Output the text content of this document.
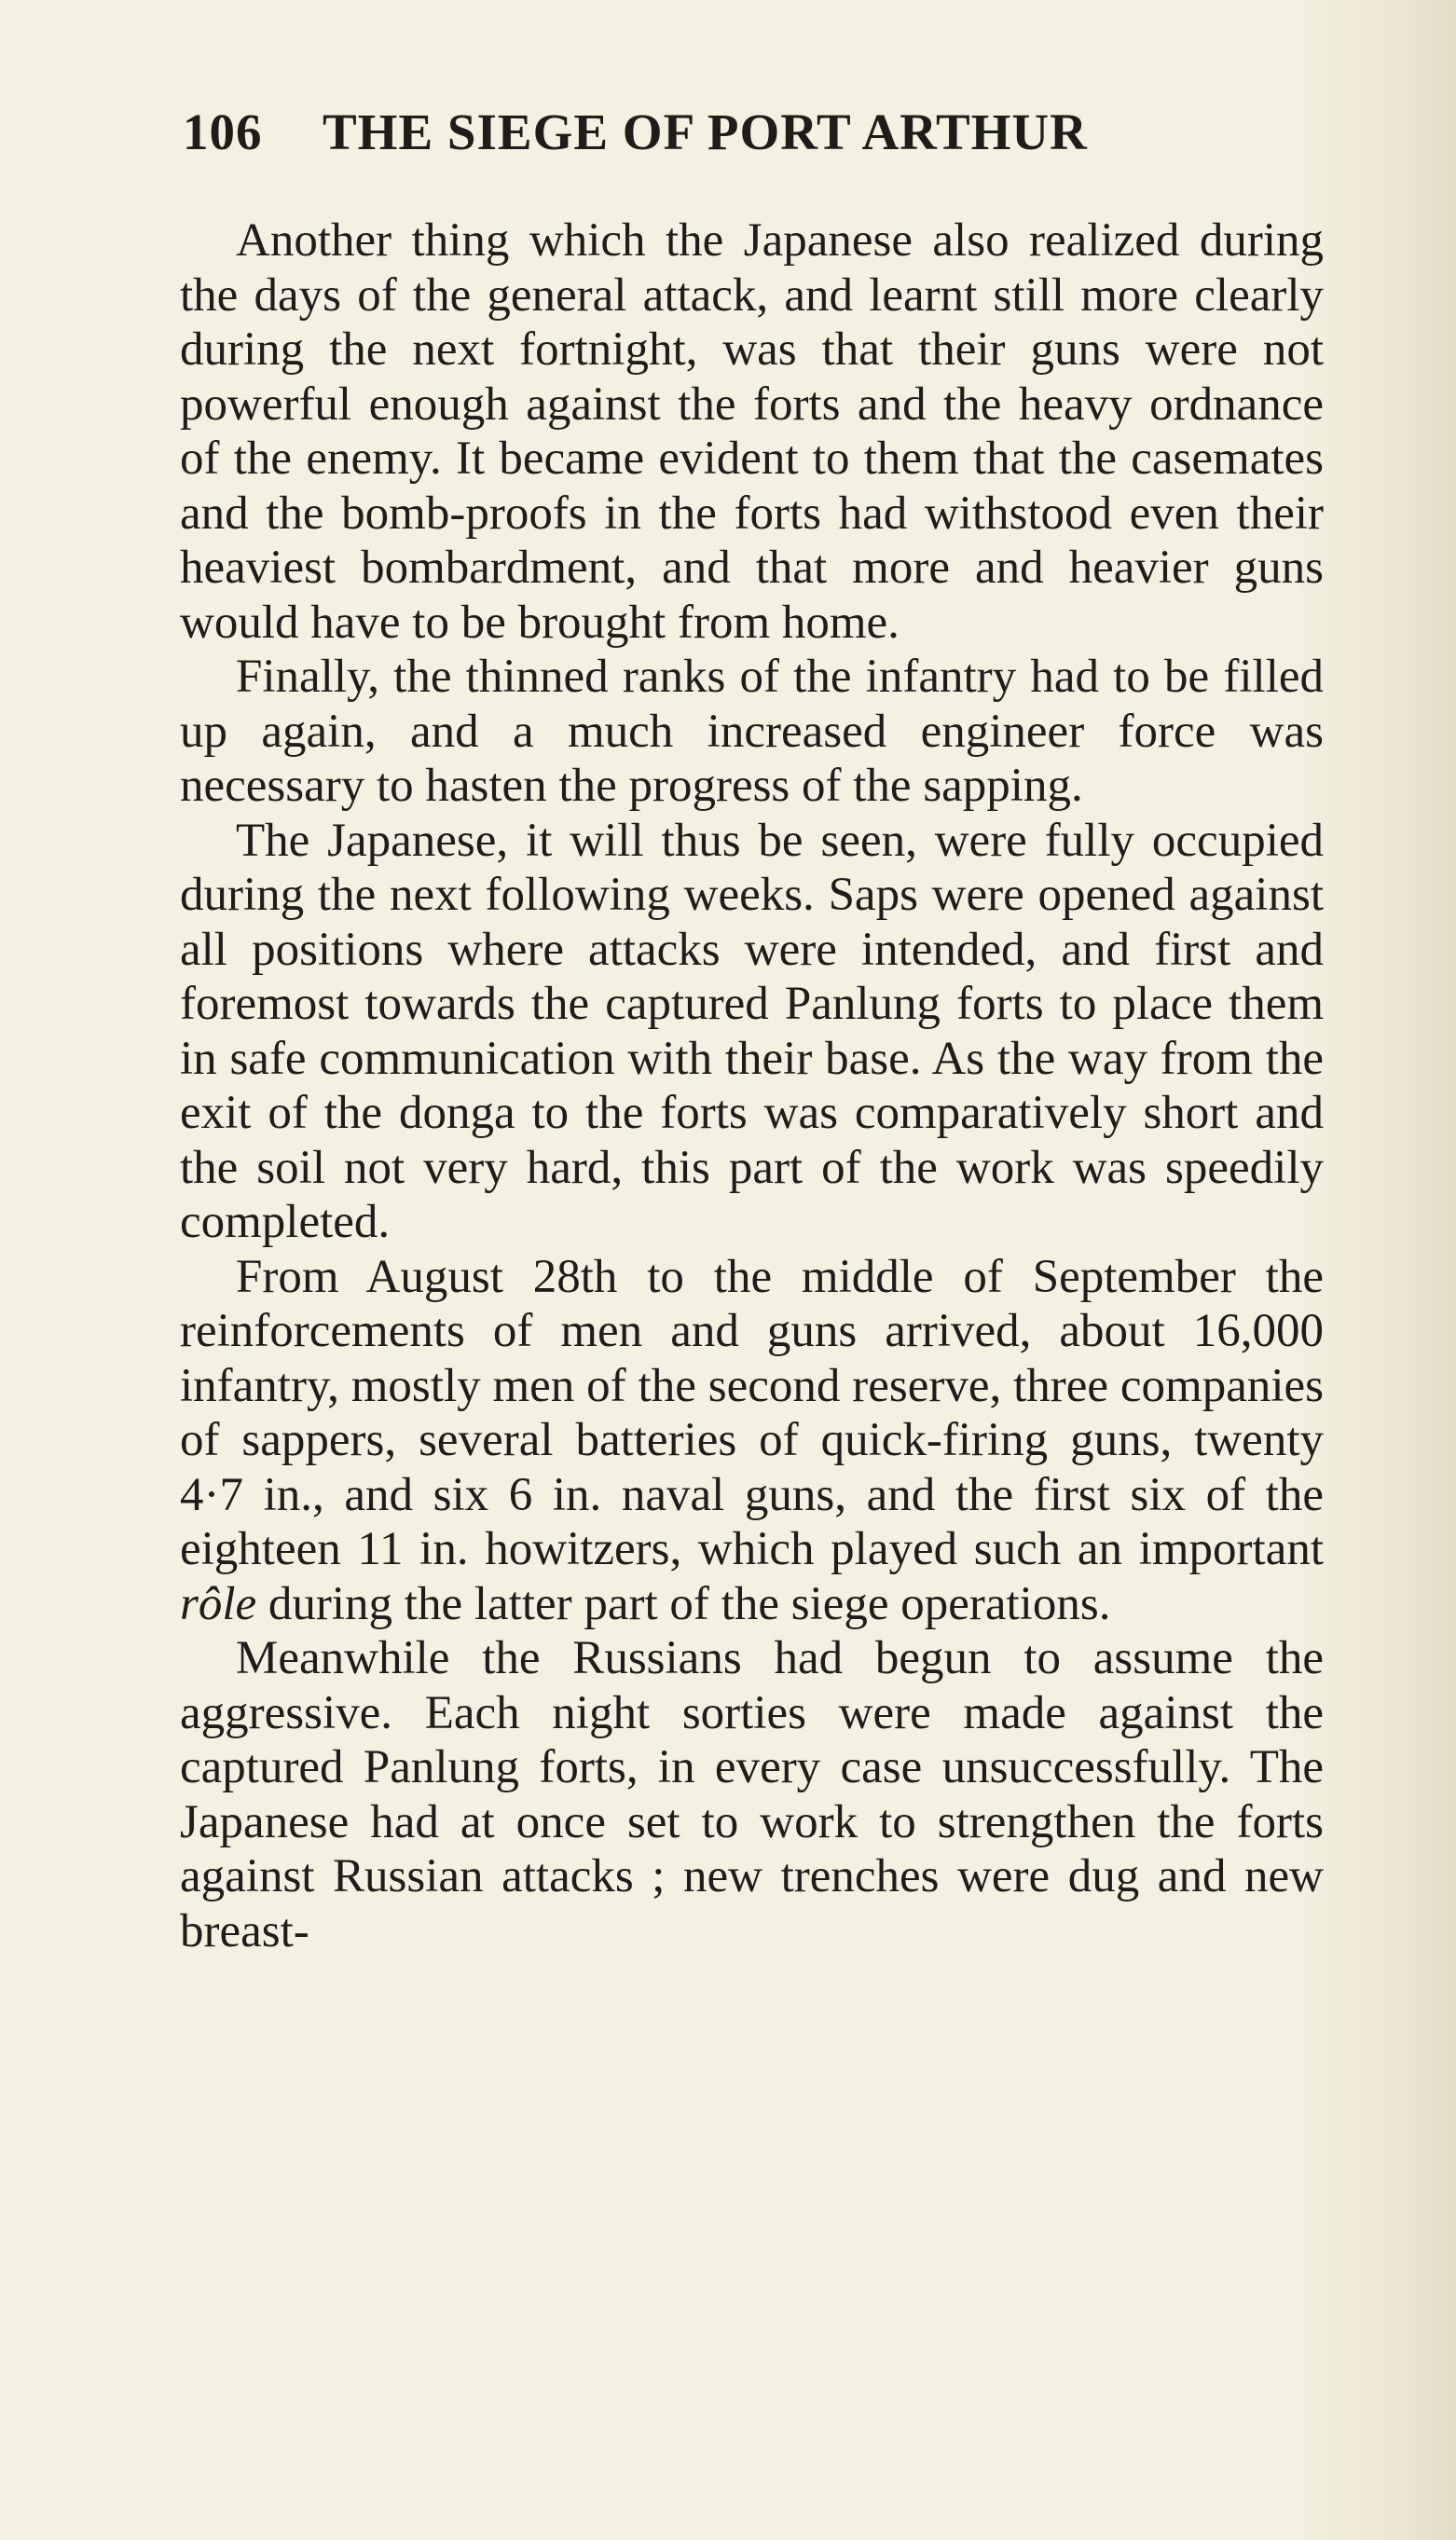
106	THE SIEGE OF PORT ARTHUR

Another thing which the Japanese also realized during the days of the general attack, and learnt still more clearly during the next fortnight, was that their guns were not powerful enough against the forts and the heavy ordnance of the enemy. It became evident to them that the casemates and the bomb-proofs in the forts had withstood even their heaviest bombardment, and that more and heavier guns would have to be brought from home.

Finally, the thinned ranks of the infantry had to be filled up again, and a much increased engineer force was necessary to hasten the progress of the sapping.

The Japanese, it will thus be seen, were fully occupied during the next following weeks. Saps were opened against all positions where attacks were intended, and first and foremost towards the captured Panlung forts to place them in safe communication with their base. As the way from the exit of the donga to the forts was comparatively short and the soil not very hard, this part of the work was speedily completed.

From August 28th to the middle of September the reinforcements of men and guns arrived, about 16,000 infantry, mostly men of the second reserve, three companies of sappers, several batteries of quick-firing guns, twenty 4·7 in., and six 6 in. naval guns, and the first six of the eighteen 11 in. howitzers, which played such an important rôle during the latter part of the siege operations.

Meanwhile the Russians had begun to assume the aggressive. Each night sorties were made against the captured Panlung forts, in every case unsuccessfully. The Japanese had at once set to work to strengthen the forts against Russian attacks ; new trenches were dug and new breast-
